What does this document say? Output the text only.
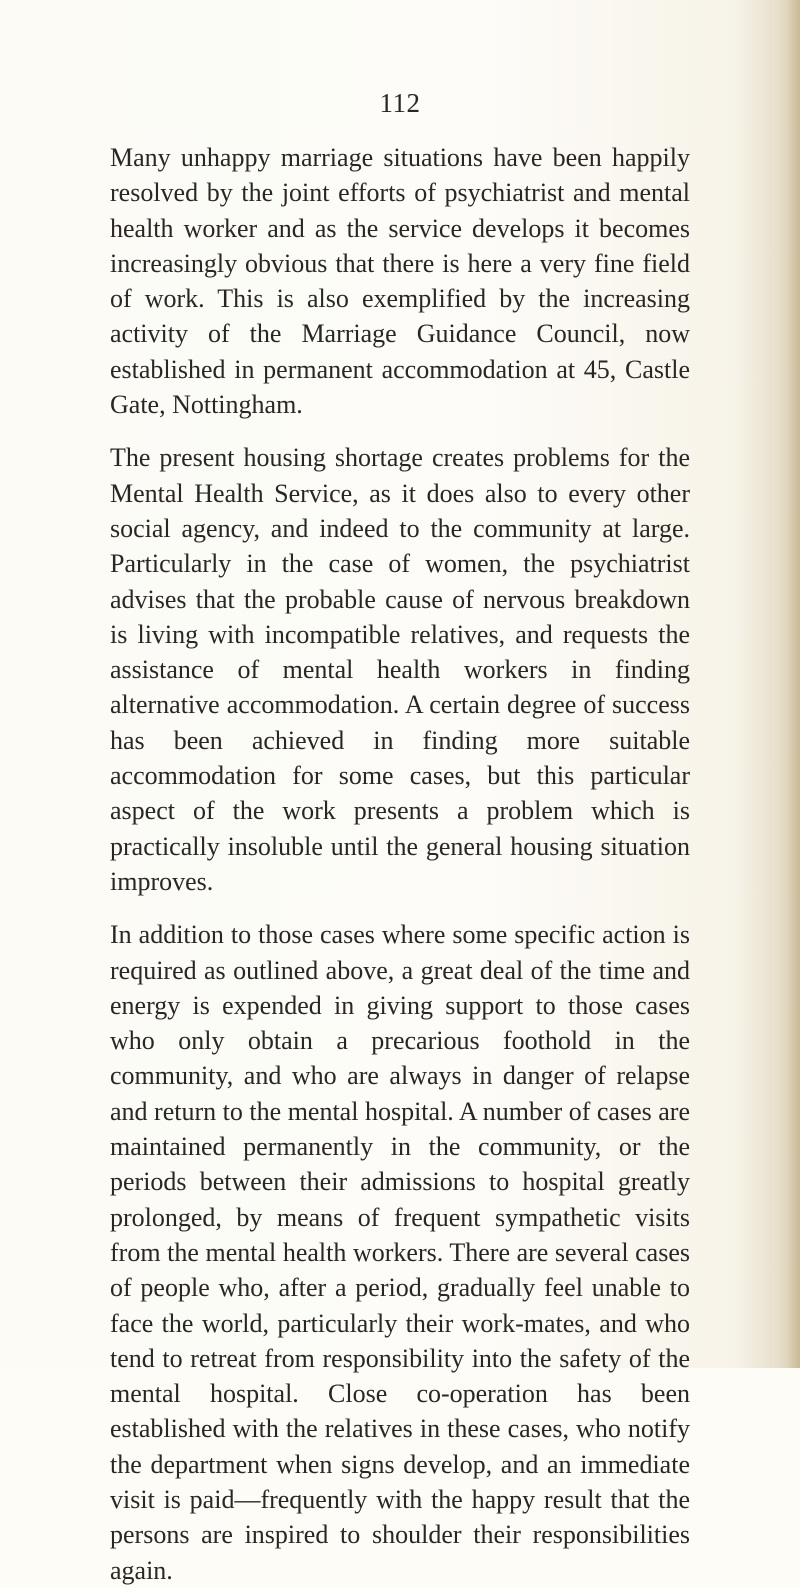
112

Many unhappy marriage situations have been happily resolved by the joint efforts of psychiatrist and mental health worker and as the service develops it becomes increasingly obvious that there is here a very fine field of work. This is also exemplified by the increasing activity of the Marriage Guidance Council, now established in permanent accommodation at 45, Castle Gate, Nottingham.

The present housing shortage creates problems for the Mental Health Service, as it does also to every other social agency, and indeed to the community at large. Particularly in the case of women, the psychiatrist advises that the probable cause of nervous breakdown is living with incompatible relatives, and requests the assistance of mental health workers in finding alternative accommodation. A certain degree of success has been achieved in finding more suitable accommodation for some cases, but this particular aspect of the work presents a problem which is practically insoluble until the general housing situation improves.

In addition to those cases where some specific action is required as outlined above, a great deal of the time and energy is expended in giving support to those cases who only obtain a precarious foothold in the community, and who are always in danger of relapse and return to the mental hospital. A number of cases are maintained permanently in the community, or the periods between their admissions to hospital greatly prolonged, by means of frequent sympathetic visits from the mental health workers. There are several cases of people who, after a period, gradually feel unable to face the world, particularly their work-mates, and who tend to retreat from responsibility into the safety of the mental hospital. Close co-operation has been established with the relatives in these cases, who notify the department when signs develop, and an immediate visit is paid—frequently with the happy result that the persons are inspired to shoulder their responsibilities again.
